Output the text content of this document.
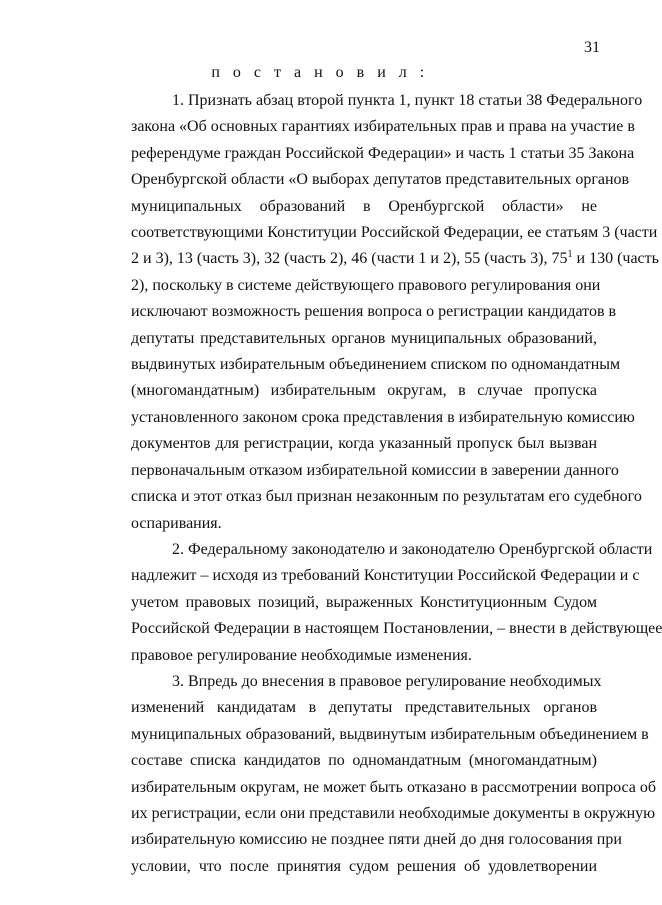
31
п о с т а н о в и л :
1. Признать абзац второй пункта 1, пункт 18 статьи 38 Федерального
закона «Об основных гарантиях избирательных прав и права на участие в
референдуме граждан Российской Федерации» и часть 1 статьи 35 Закона
Оренбургской области «О выборах депутатов представительных органов
муниципальных образований в Оренбургской области» не
соответствующими Конституции Российской Федерации, ее статьям 3 (части
2 и 3), 13 (часть 3), 32 (часть 2), 46 (части 1 и 2), 55 (часть 3), $75^1$ и 130 (часть
2), поскольку в системе действующего правового регулирования они
исключают возможность решения вопроса о регистрации кандидатов в
депутаты представительных органов муниципальных образований,
выдвинутых избирательным объединением списком по одномандатным
(многомандатным) избирательным округам, в случае пропуска
установленного законом срока представления в избирательную комиссию
документов для регистрации, когда указанный пропуск был вызван
первоначальным отказом избирательной комиссии в заверении данного
списка и этот отказ был признан незаконным по результатам его судебного
оспаривания.
2. Федеральному законодателю и законодателю Оренбургской области
надлежит – исходя из требований Конституции Российской Федерации и с
учетом правовых позиций, выраженных Конституционным Судом
Российской Федерации в настоящем Постановлении, – внести в действующее
правовое регулирование необходимые изменения.
3. Впредь до внесения в правовое регулирование необходимых
изменений кандидатам в депутаты представительных органов
муниципальных образований, выдвинутым избирательным объединением в
составе списка кандидатов по одномандатным (многомандатным)
избирательным округам, не может быть отказано в рассмотрении вопроса об
их регистрации, если они представили необходимые документы в окружную
избирательную комиссию не позднее пяти дней до дня голосования при
условии, что после принятия судом решения об удовлетворении
